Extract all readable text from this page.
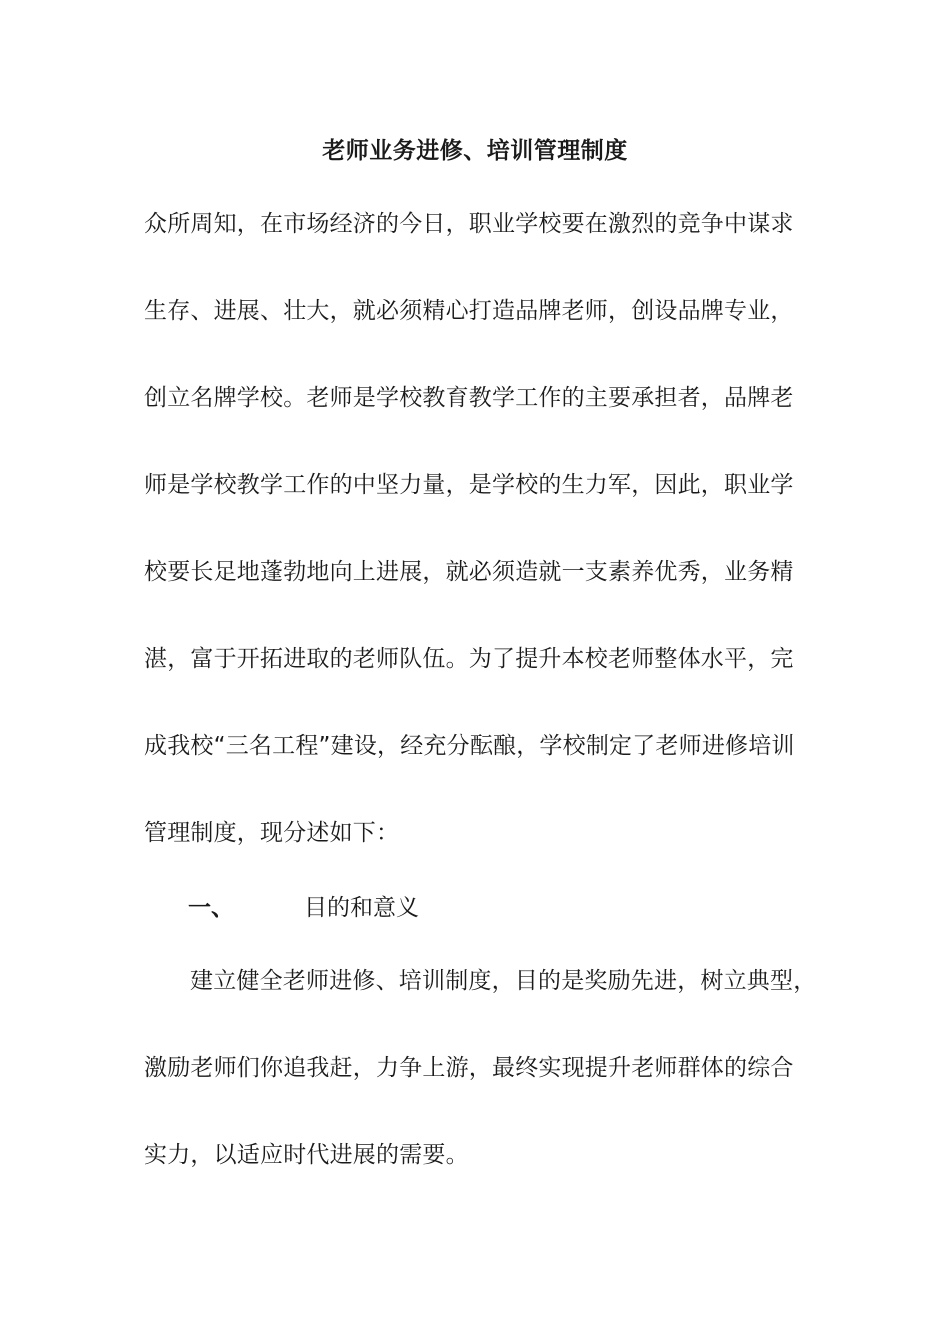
老师业务进修、培训管理制度
众所周知，在市场经济的今日，职业学校要在激烈的竞争中谋求
生存、进展、壮大，就必须精心打造品牌老师，创设品牌专业，
创立名牌学校。老师是学校教育教学工作的主要承担者，品牌老
师是学校教学工作的中坚力量，是学校的生力军，因此，职业学
校要长足地蓬勃地向上进展，就必须造就一支素养优秀，业务精
湛，富于开拓进取的老师队伍。为了提升本校老师整体水平，完
成我校“三名工程”建设，经充分酝酿，学校制定了老师进修培训
管理制度，现分述如下：
一、	目的和意义
建立健全老师进修、培训制度，目的是奖励先进，树立典型，
激励老师们你追我赶，力争上游，最终实现提升老师群体的综合
实力，以适应时代进展的需要。
